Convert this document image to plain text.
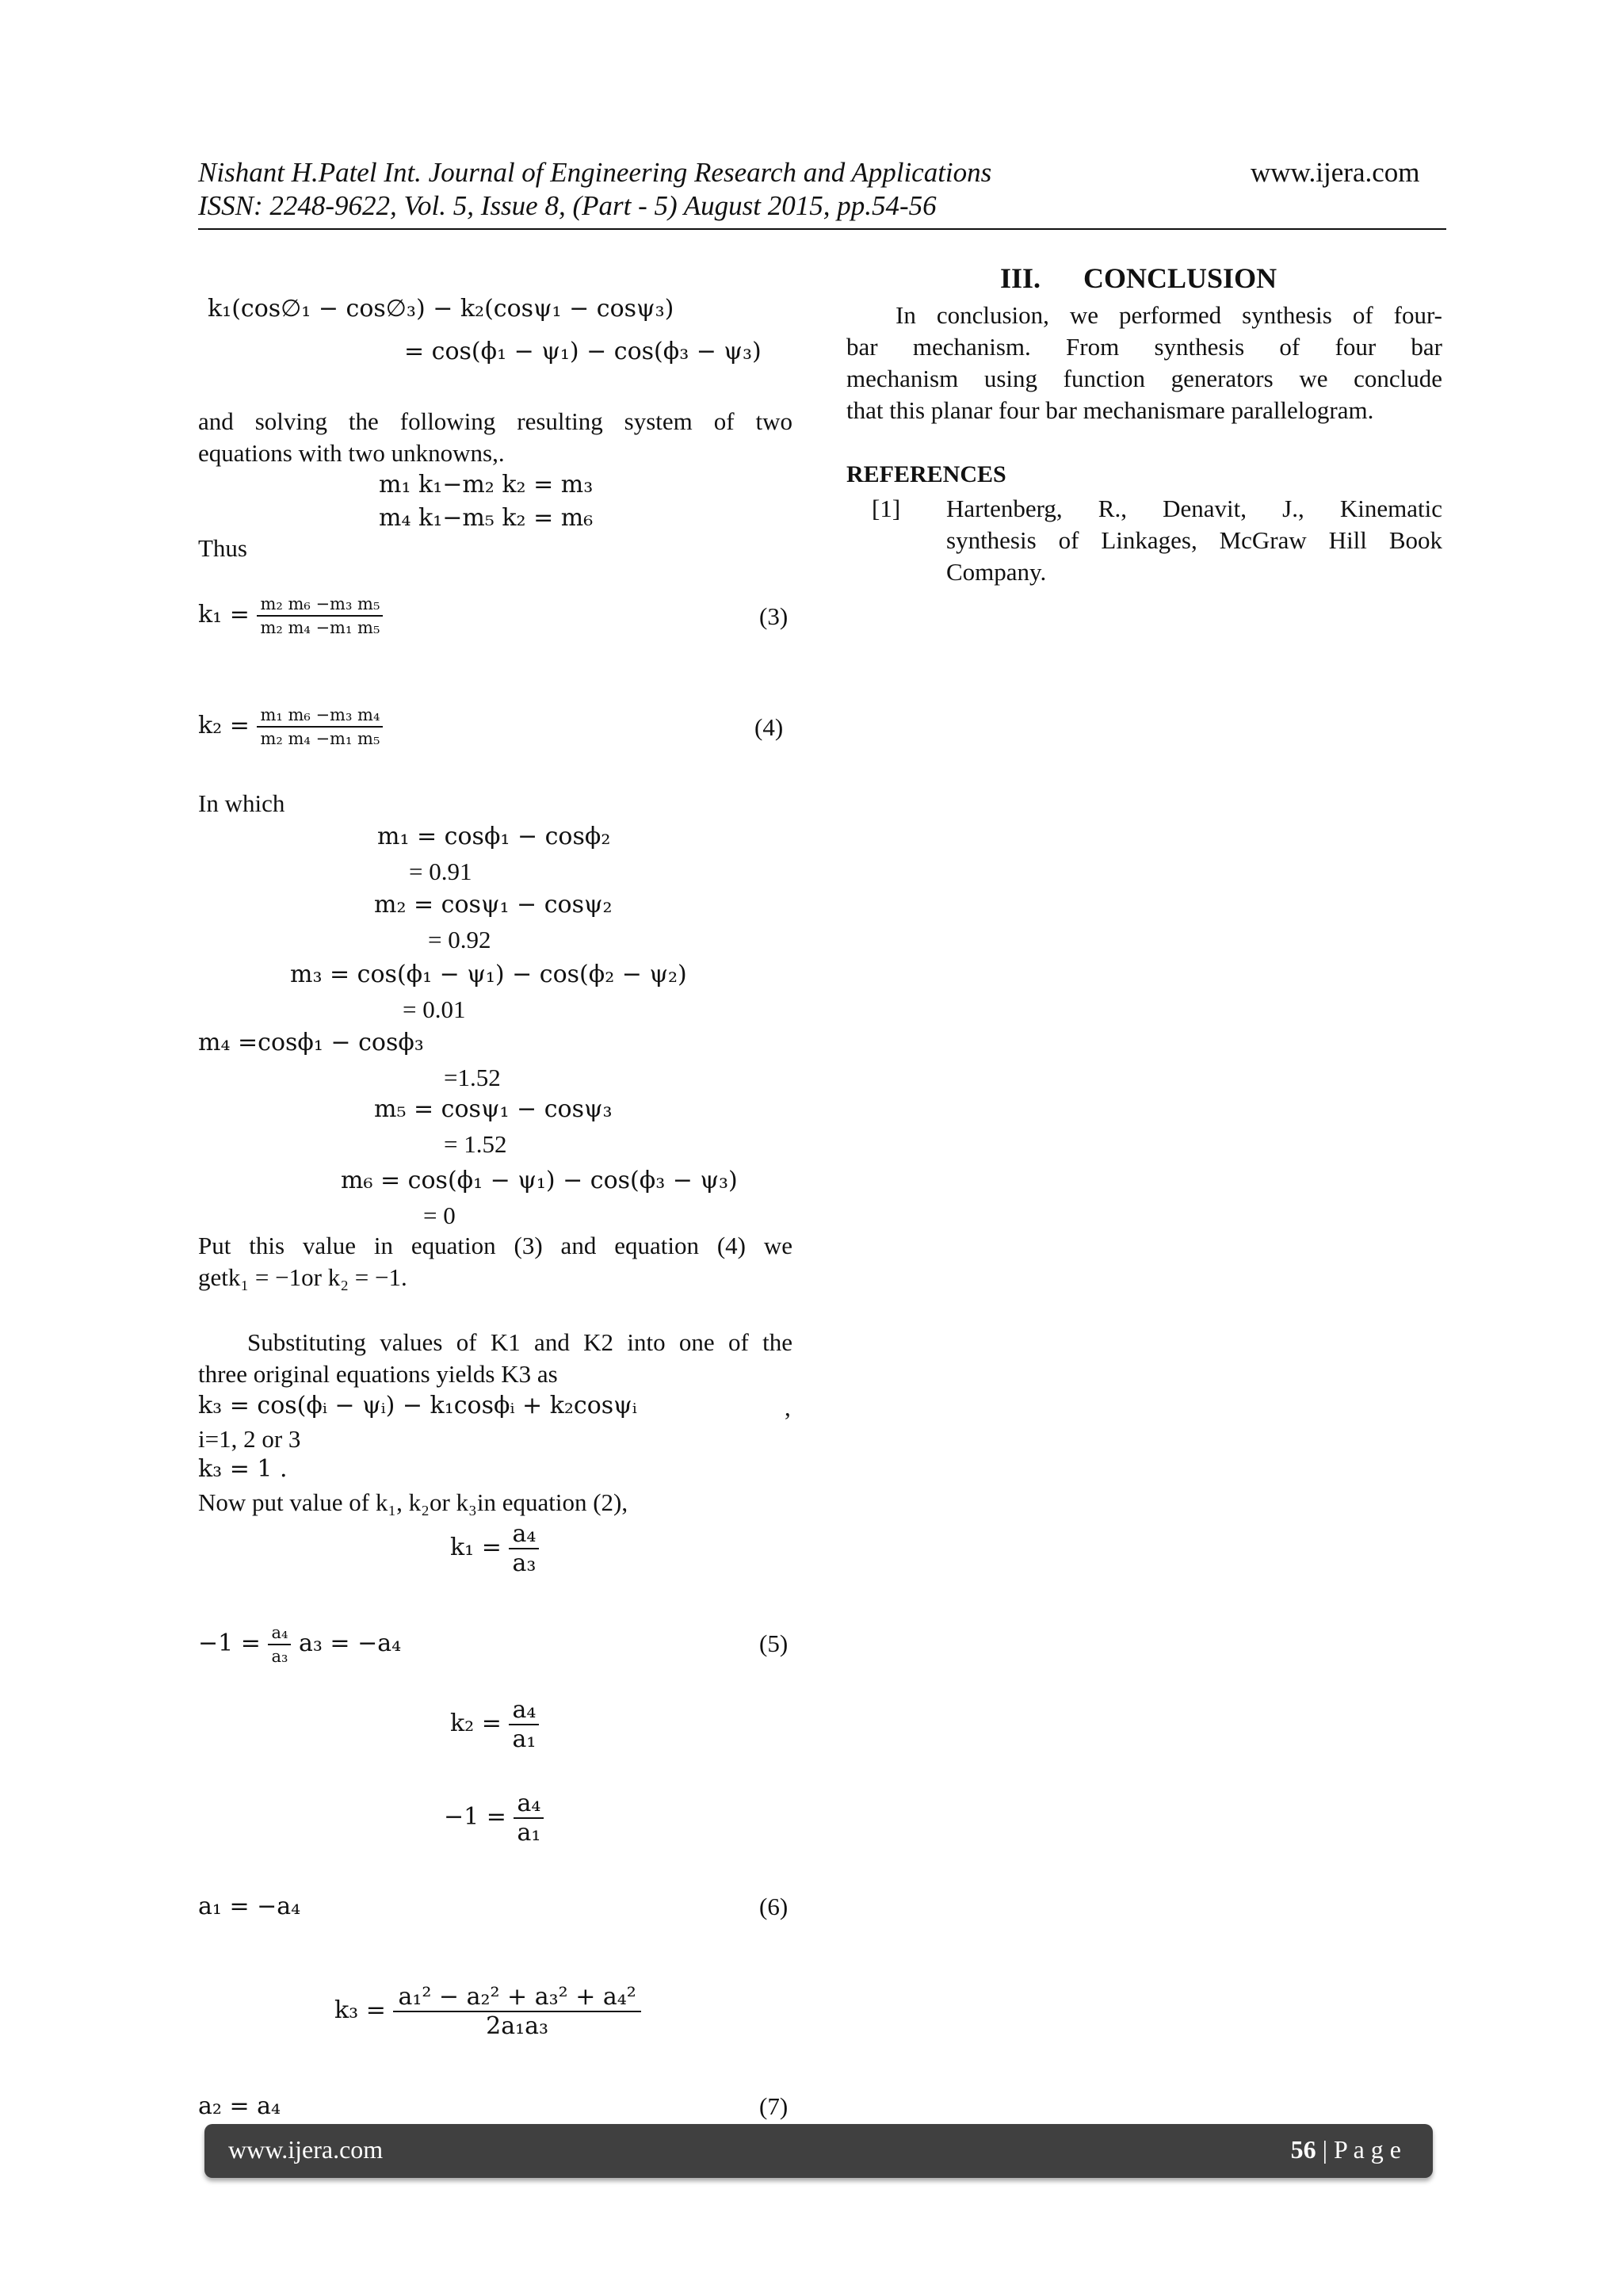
Nishant H.Patel Int. Journal of Engineering Research and Applications	www.ijera.com
ISSN: 2248-9622, Vol. 5, Issue 8, (Part - 5) August 2015, pp.54-56
k₁(cos∅₁ − cos∅₃) − k₂(cosψ₁ − cosψ₃)
= cos(ϕ₁ − ψ₁) − cos(ϕ₃ − ψ₃)
and solving the following resulting system of two
equations with two unknowns,.
m₁ k₁−m₂ k₂ = m₃
m₄ k₁−m₅ k₂ = m₆
Thus
$k_1 = \frac{\text{m₂ m₆ −m₃ m₅}}{\text{m₂ m₄ −m₁ m₅}}$	(3)
$k_2 = \frac{\text{m₁ m₆ −m₃ m₄}}{\text{m₂ m₄ −m₁ m₅}}$	(4)
In which
m₁ = cosϕ₁ − cosϕ₂
= 0.91
m₂ = cosψ₁ − cosψ₂
= 0.92
m₃ = cos(ϕ₁ − ψ₁) − cos(ϕ₂ − ψ₂)
= 0.01
m₄ =cosϕ₁ − cosϕ₃
=1.52
m₅ = cosψ₁ − cosψ₃
= 1.52
m₆ = cos(ϕ₁ − ψ₁) − cos(ϕ₃ − ψ₃)
= 0
Put this value in equation (3) and equation (4) we
getk₁ = −1or k₂ = −1.
Substituting values of K1 and K2 into one of the
three original equations yields K3 as
k₃ = cos(ϕᵢ − ψᵢ) − k₁cosϕᵢ + k₂cosψᵢ	,
i=1, 2 or 3
k₃ = 1 .
Now put value of k₁, k₂or k₃in equation (2),
$k_1 = \frac{\text{a₄}}{\text{a₃}}$
$-1 = \frac{\text{a₄}}{\text{a₃}} a_3 = -a_4$	(5)
$k_2 = \frac{\text{a₄}}{\text{a₁}}$
$-1 = \frac{\text{a₄}}{\text{a₁}}$
a₁ = −a₄	(6)
$k_3 = \frac{\text{a₁² − a₂² + a₃² + a₄²}}{\text{2a₁a₃}}$
a₂ = a₄	(7)
III.      CONCLUSION
In conclusion, we performed synthesis of four-
bar mechanism. From synthesis of four bar
mechanism using function generators we conclude
that this planar four bar mechanismare parallelogram.
REFERENCES
[1] Hartenberg, R., Denavit, J., Kinematic
synthesis of Linkages, McGraw Hill Book
Company.
www.ijera.com	56 | P a g e
